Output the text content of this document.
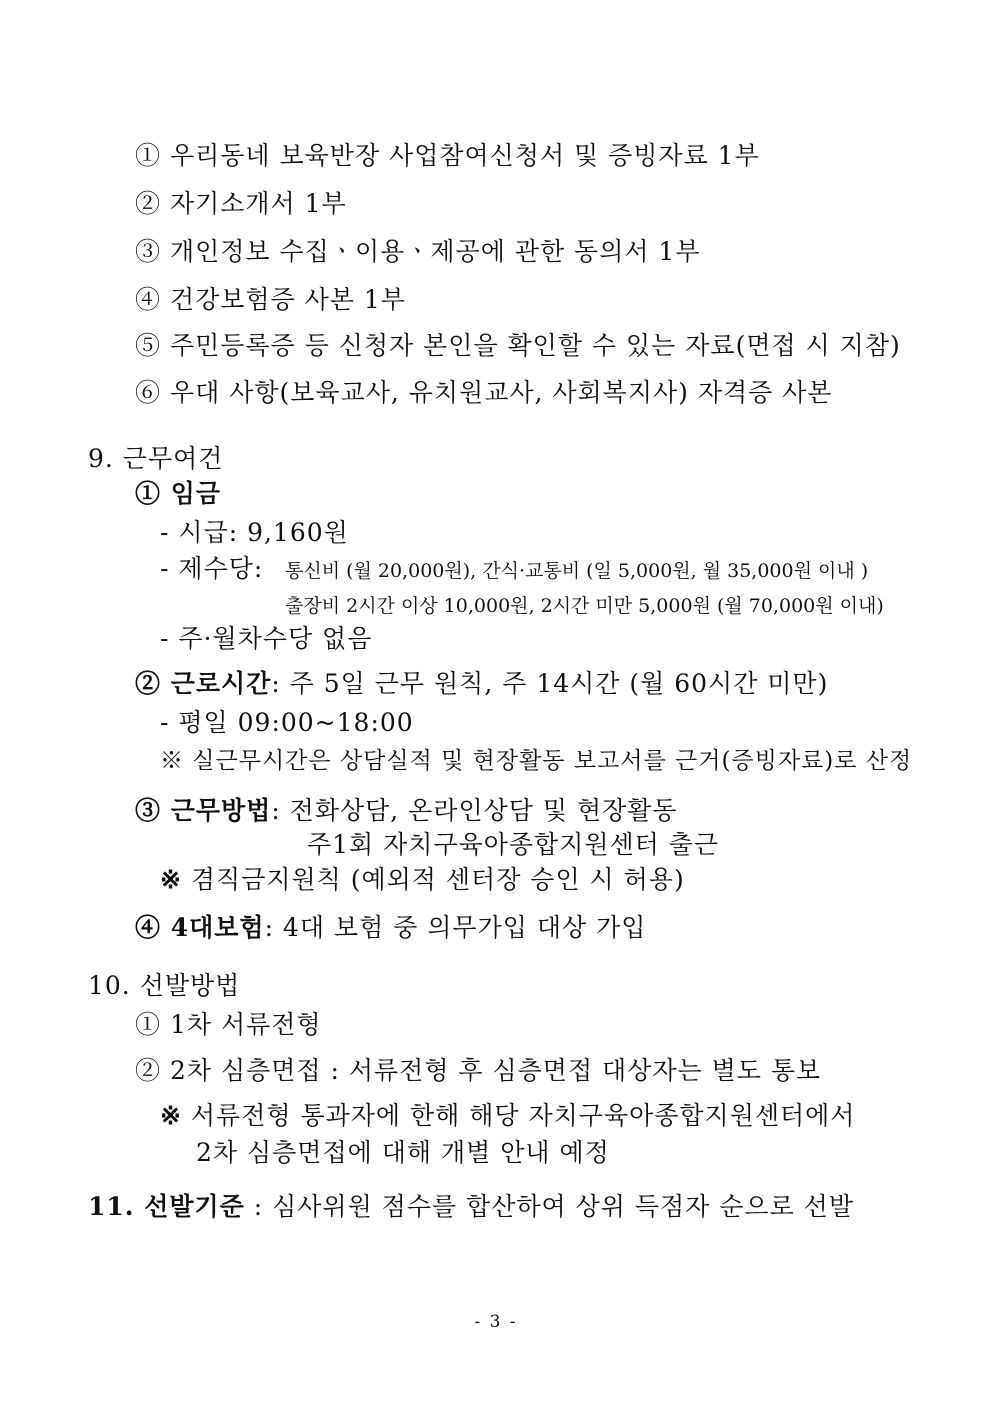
① 우리동네 보육반장 사업참여신청서 및 증빙자료 1부
② 자기소개서 1부
③ 개인정보 수집ㆍ이용ㆍ제공에 관한 동의서 1부
④ 건강보험증 사본 1부
⑤ 주민등록증 등 신청자 본인을 확인할 수 있는 자료(면접 시 지참)
⑥ 우대 사항(보육교사, 유치원교사, 사회복지사) 자격증 사본
9. 근무여건
① 임금
- 시급: 9,160원
- 제수당: 통신비 (월 20,000원), 간식·교통비 (일 5,000원, 월 35,000원 이내 )
출장비 2시간 이상 10,000원, 2시간 미만 5,000원 (월 70,000원 이내)
- 주·월차수당 없음
② 근로시간: 주 5일 근무 원칙, 주 14시간 (월 60시간 미만)
- 평일 09:00~18:00
※ 실근무시간은 상담실적 및 현장활동 보고서를 근거(증빙자료)로 산정
③ 근무방법: 전화상담, 온라인상담 및 현장활동
주1회 자치구육아종합지원센터 출근
※ 겸직금지원칙 (예외적 센터장 승인 시 허용)
④ 4대보험: 4대 보험 중 의무가입 대상 가입
10. 선발방법
① 1차 서류전형
② 2차 심층면접 : 서류전형 후 심층면접 대상자는 별도 통보
※ 서류전형 통과자에 한해 해당 자치구육아종합지원센터에서
2차 심층면접에 대해 개별 안내 예정
11. 선발기준 : 심사위원 점수를 합산하여 상위 득점자 순으로 선발
- 3 -
